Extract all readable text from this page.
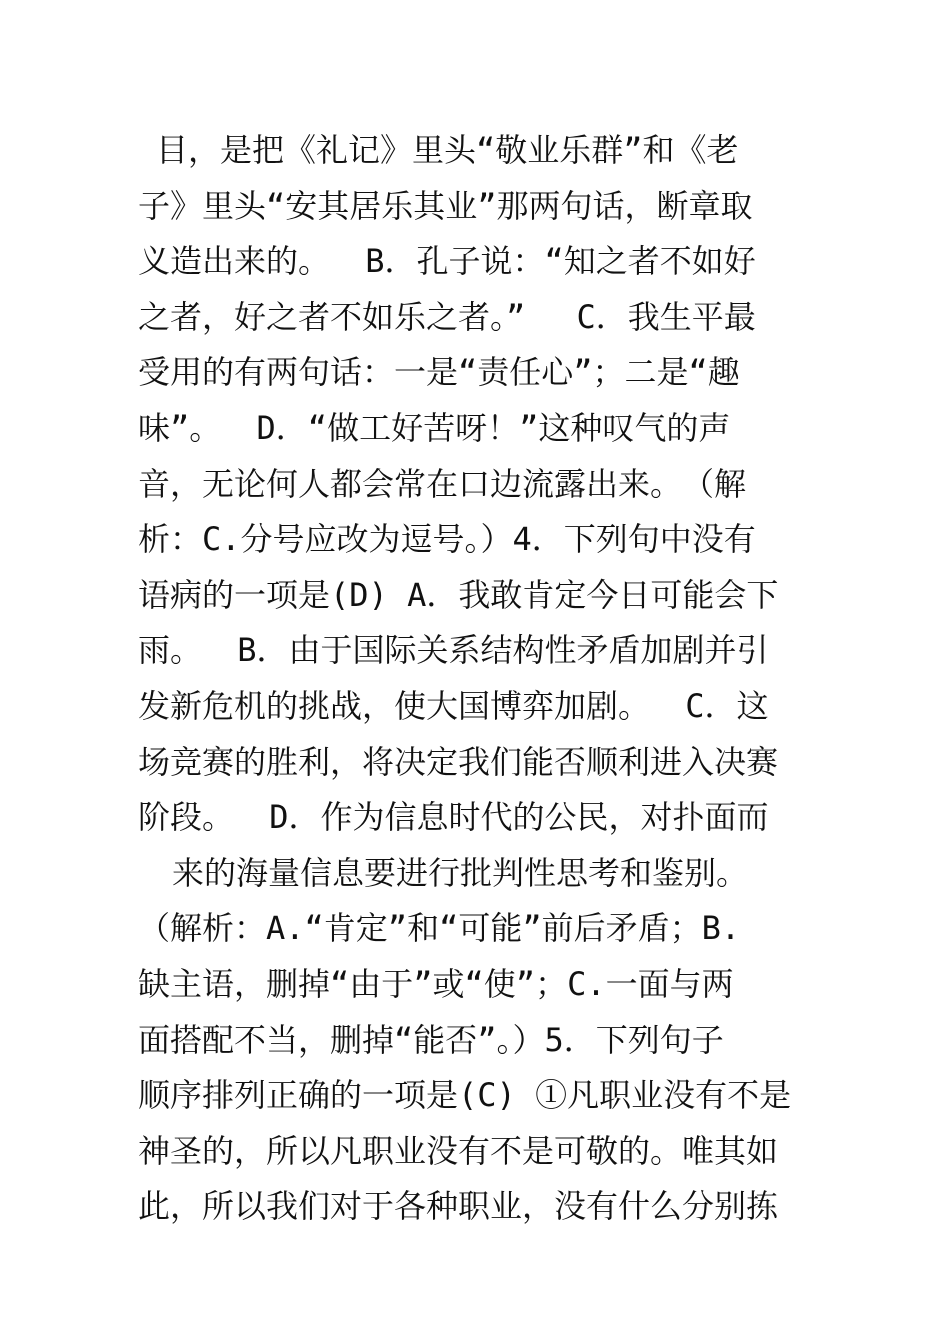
目，是把《礼记》里头“敬业乐群”和《老
子》里头“安其居乐其业”那两句话，断章取
义造出来的。　 B．孔子说：“知之者不如好
之者，好之者不如乐之者。”　 C．我生平最
受用的有两句话：一是“责任心”；二是“趣
味”。　 D．“做工好苦呀！”这种叹气的声
音，无论何人都会常在口边流露出来。　（解
析：C.分号应改为逗号。）4．下列句中没有
语病的一项是(D) A．我敢肯定今日可能会下
雨。　 B．由于国际关系结构性矛盾加剧并引
发新危机的挑战，使大国博弈加剧。　 C．这
场竞赛的胜利，将决定我们能否顺利进入决赛
阶段。　 D．作为信息时代的公民，对扑面而
来的海量信息要进行批判性思考和鉴别。
（解析：A.“肯定”和“可能”前后矛盾；B.
缺主语，删掉“由于”或“使”；C.一面与两
面搭配不当，删掉“能否”。）5．下列句子
顺序排列正确的一项是(C) ①凡职业没有不是
神圣的，所以凡职业没有不是可敬的。唯其如
此，所以我们对于各种职业，没有什么分别拣
